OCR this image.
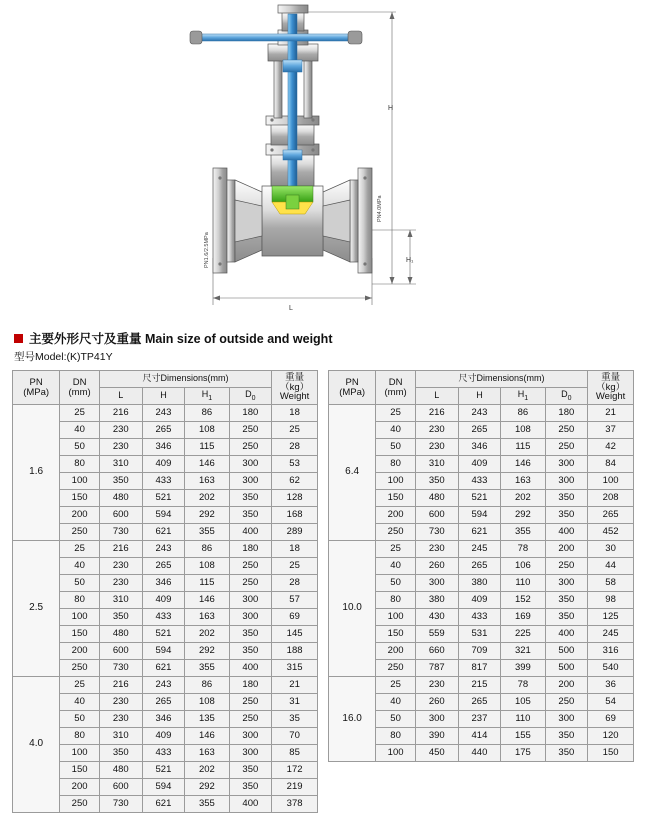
H
H₁
L
PN1.6/2.5MPa
PN4.0MPa
主要外形尺寸及重量 Main size of outside and weight
型号Model:(K)TP41Y
PN
(MPa)

DN
(mm)
	尺寸Dimensions(mm)	重量
（kg）
Weight

		L	H	$H_1$	$D_0$
1.6	25	216	243	86	180	18
	40	230	265	108	250	25
	50	230	346	115	250	28
	80	310	409	146	300	53
	100	350	433	163	300	62
	150	480	521	202	350	128
	200	600	594	292	350	168
	250	730	621	355	400	289
2.5	25	216	243	86	180	18
	40	230	265	108	250	25
	50	230	346	115	250	28
	80	310	409	146	300	57
	100	350	433	163	300	69
	150	480	521	202	350	145
	200	600	594	292	350	188
	250	730	621	355	400	315
4.0	25	216	243	86	180	21
	40	230	265	108	250	31
	50	230	346	135	250	35
	80	310	409	146	300	70
	100	350	433	163	300	85
	150	480	521	202	350	172
	200	600	594	292	350	219
	250	730	621	355	400	378
PN
(MPa)

DN
(mm)
	尺寸Dimensions(mm)	重量
（kg）
Weight

		L	H	$H_1$	$D_0$
6.4	25	216	243	86	180	21
	40	230	265	108	250	37
	50	230	346	115	250	42
	80	310	409	146	300	84
	100	350	433	163	300	100
	150	480	521	202	350	208
	200	600	594	292	350	265
	250	730	621	355	400	452
10.0	25	230	245	78	200	30
	40	260	265	106	250	44
	50	300	380	110	300	58
	80	380	409	152	350	98
	100	430	433	169	350	125
	150	559	531	225	400	245
	200	660	709	321	500	316
	250	787	817	399	500	540
16.0	25	230	215	78	200	36
	40	260	265	105	250	54
	50	300	237	110	300	69
	80	390	414	155	350	120
	100	450	440	175	350	150
